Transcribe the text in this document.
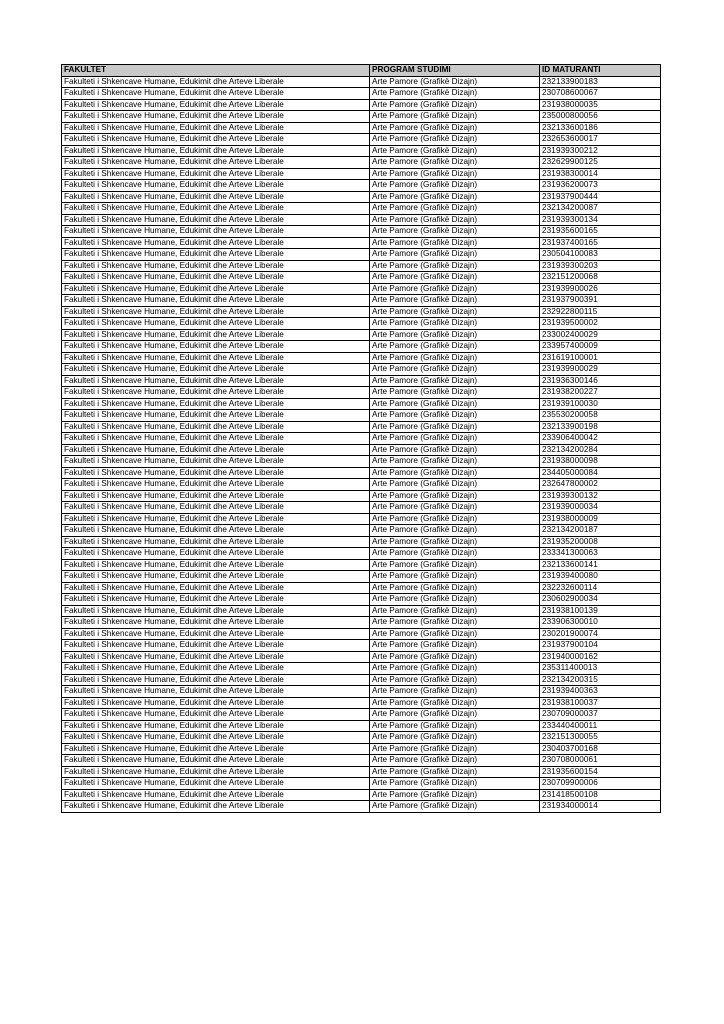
FAKULTET	PROGRAM STUDIMI	ID MATURANTI
Fakulteti i Shkencave Humane, Edukimit dhe Arteve Liberale	Arte Pamore (Grafikë Dizajn)	232133900183
Fakulteti i Shkencave Humane, Edukimit dhe Arteve Liberale	Arte Pamore (Grafikë Dizajn)	230708600067
Fakulteti i Shkencave Humane, Edukimit dhe Arteve Liberale	Arte Pamore (Grafikë Dizajn)	231938000035
Fakulteti i Shkencave Humane, Edukimit dhe Arteve Liberale	Arte Pamore (Grafikë Dizajn)	235000800056
Fakulteti i Shkencave Humane, Edukimit dhe Arteve Liberale	Arte Pamore (Grafikë Dizajn)	232133600186
Fakulteti i Shkencave Humane, Edukimit dhe Arteve Liberale	Arte Pamore (Grafikë Dizajn)	232653600017
Fakulteti i Shkencave Humane, Edukimit dhe Arteve Liberale	Arte Pamore (Grafikë Dizajn)	231939300212
Fakulteti i Shkencave Humane, Edukimit dhe Arteve Liberale	Arte Pamore (Grafikë Dizajn)	232629900125
Fakulteti i Shkencave Humane, Edukimit dhe Arteve Liberale	Arte Pamore (Grafikë Dizajn)	231938300014
Fakulteti i Shkencave Humane, Edukimit dhe Arteve Liberale	Arte Pamore (Grafikë Dizajn)	231936200073
Fakulteti i Shkencave Humane, Edukimit dhe Arteve Liberale	Arte Pamore (Grafikë Dizajn)	231937900444
Fakulteti i Shkencave Humane, Edukimit dhe Arteve Liberale	Arte Pamore (Grafikë Dizajn)	232134200087
Fakulteti i Shkencave Humane, Edukimit dhe Arteve Liberale	Arte Pamore (Grafikë Dizajn)	231939300134
Fakulteti i Shkencave Humane, Edukimit dhe Arteve Liberale	Arte Pamore (Grafikë Dizajn)	231935600165
Fakulteti i Shkencave Humane, Edukimit dhe Arteve Liberale	Arte Pamore (Grafikë Dizajn)	231937400165
Fakulteti i Shkencave Humane, Edukimit dhe Arteve Liberale	Arte Pamore (Grafikë Dizajn)	230504100083
Fakulteti i Shkencave Humane, Edukimit dhe Arteve Liberale	Arte Pamore (Grafikë Dizajn)	231939300203
Fakulteti i Shkencave Humane, Edukimit dhe Arteve Liberale	Arte Pamore (Grafikë Dizajn)	232151200068
Fakulteti i Shkencave Humane, Edukimit dhe Arteve Liberale	Arte Pamore (Grafikë Dizajn)	231939900026
Fakulteti i Shkencave Humane, Edukimit dhe Arteve Liberale	Arte Pamore (Grafikë Dizajn)	231937900391
Fakulteti i Shkencave Humane, Edukimit dhe Arteve Liberale	Arte Pamore (Grafikë Dizajn)	232922800115
Fakulteti i Shkencave Humane, Edukimit dhe Arteve Liberale	Arte Pamore (Grafikë Dizajn)	231939500002
Fakulteti i Shkencave Humane, Edukimit dhe Arteve Liberale	Arte Pamore (Grafikë Dizajn)	233002400029
Fakulteti i Shkencave Humane, Edukimit dhe Arteve Liberale	Arte Pamore (Grafikë Dizajn)	233957400009
Fakulteti i Shkencave Humane, Edukimit dhe Arteve Liberale	Arte Pamore (Grafikë Dizajn)	231619100001
Fakulteti i Shkencave Humane, Edukimit dhe Arteve Liberale	Arte Pamore (Grafikë Dizajn)	231939900029
Fakulteti i Shkencave Humane, Edukimit dhe Arteve Liberale	Arte Pamore (Grafikë Dizajn)	231936300146
Fakulteti i Shkencave Humane, Edukimit dhe Arteve Liberale	Arte Pamore (Grafikë Dizajn)	231938200227
Fakulteti i Shkencave Humane, Edukimit dhe Arteve Liberale	Arte Pamore (Grafikë Dizajn)	231939100030
Fakulteti i Shkencave Humane, Edukimit dhe Arteve Liberale	Arte Pamore (Grafikë Dizajn)	235530200058
Fakulteti i Shkencave Humane, Edukimit dhe Arteve Liberale	Arte Pamore (Grafikë Dizajn)	232133900198
Fakulteti i Shkencave Humane, Edukimit dhe Arteve Liberale	Arte Pamore (Grafikë Dizajn)	233906400042
Fakulteti i Shkencave Humane, Edukimit dhe Arteve Liberale	Arte Pamore (Grafikë Dizajn)	232134200284
Fakulteti i Shkencave Humane, Edukimit dhe Arteve Liberale	Arte Pamore (Grafikë Dizajn)	231938000098
Fakulteti i Shkencave Humane, Edukimit dhe Arteve Liberale	Arte Pamore (Grafikë Dizajn)	234405000084
Fakulteti i Shkencave Humane, Edukimit dhe Arteve Liberale	Arte Pamore (Grafikë Dizajn)	232647800002
Fakulteti i Shkencave Humane, Edukimit dhe Arteve Liberale	Arte Pamore (Grafikë Dizajn)	231939300132
Fakulteti i Shkencave Humane, Edukimit dhe Arteve Liberale	Arte Pamore (Grafikë Dizajn)	231939000034
Fakulteti i Shkencave Humane, Edukimit dhe Arteve Liberale	Arte Pamore (Grafikë Dizajn)	231938000009
Fakulteti i Shkencave Humane, Edukimit dhe Arteve Liberale	Arte Pamore (Grafikë Dizajn)	232134200187
Fakulteti i Shkencave Humane, Edukimit dhe Arteve Liberale	Arte Pamore (Grafikë Dizajn)	231935200008
Fakulteti i Shkencave Humane, Edukimit dhe Arteve Liberale	Arte Pamore (Grafikë Dizajn)	233341300063
Fakulteti i Shkencave Humane, Edukimit dhe Arteve Liberale	Arte Pamore (Grafikë Dizajn)	232133600141
Fakulteti i Shkencave Humane, Edukimit dhe Arteve Liberale	Arte Pamore (Grafikë Dizajn)	231939400080
Fakulteti i Shkencave Humane, Edukimit dhe Arteve Liberale	Arte Pamore (Grafikë Dizajn)	232232600114
Fakulteti i Shkencave Humane, Edukimit dhe Arteve Liberale	Arte Pamore (Grafikë Dizajn)	230602900034
Fakulteti i Shkencave Humane, Edukimit dhe Arteve Liberale	Arte Pamore (Grafikë Dizajn)	231938100139
Fakulteti i Shkencave Humane, Edukimit dhe Arteve Liberale	Arte Pamore (Grafikë Dizajn)	233906300010
Fakulteti i Shkencave Humane, Edukimit dhe Arteve Liberale	Arte Pamore (Grafikë Dizajn)	230201900074
Fakulteti i Shkencave Humane, Edukimit dhe Arteve Liberale	Arte Pamore (Grafikë Dizajn)	231937900104
Fakulteti i Shkencave Humane, Edukimit dhe Arteve Liberale	Arte Pamore (Grafikë Dizajn)	231940000162
Fakulteti i Shkencave Humane, Edukimit dhe Arteve Liberale	Arte Pamore (Grafikë Dizajn)	235311400013
Fakulteti i Shkencave Humane, Edukimit dhe Arteve Liberale	Arte Pamore (Grafikë Dizajn)	232134200315
Fakulteti i Shkencave Humane, Edukimit dhe Arteve Liberale	Arte Pamore (Grafikë Dizajn)	231939400363
Fakulteti i Shkencave Humane, Edukimit dhe Arteve Liberale	Arte Pamore (Grafikë Dizajn)	231938100037
Fakulteti i Shkencave Humane, Edukimit dhe Arteve Liberale	Arte Pamore (Grafikë Dizajn)	230709000037
Fakulteti i Shkencave Humane, Edukimit dhe Arteve Liberale	Arte Pamore (Grafikë Dizajn)	233440400011
Fakulteti i Shkencave Humane, Edukimit dhe Arteve Liberale	Arte Pamore (Grafikë Dizajn)	232151300055
Fakulteti i Shkencave Humane, Edukimit dhe Arteve Liberale	Arte Pamore (Grafikë Dizajn)	230403700168
Fakulteti i Shkencave Humane, Edukimit dhe Arteve Liberale	Arte Pamore (Grafikë Dizajn)	230708000061
Fakulteti i Shkencave Humane, Edukimit dhe Arteve Liberale	Arte Pamore (Grafikë Dizajn)	231935600154
Fakulteti i Shkencave Humane, Edukimit dhe Arteve Liberale	Arte Pamore (Grafikë Dizajn)	230709900006
Fakulteti i Shkencave Humane, Edukimit dhe Arteve Liberale	Arte Pamore (Grafikë Dizajn)	231418500108
Fakulteti i Shkencave Humane, Edukimit dhe Arteve Liberale	Arte Pamore (Grafikë Dizajn)	231934000014
